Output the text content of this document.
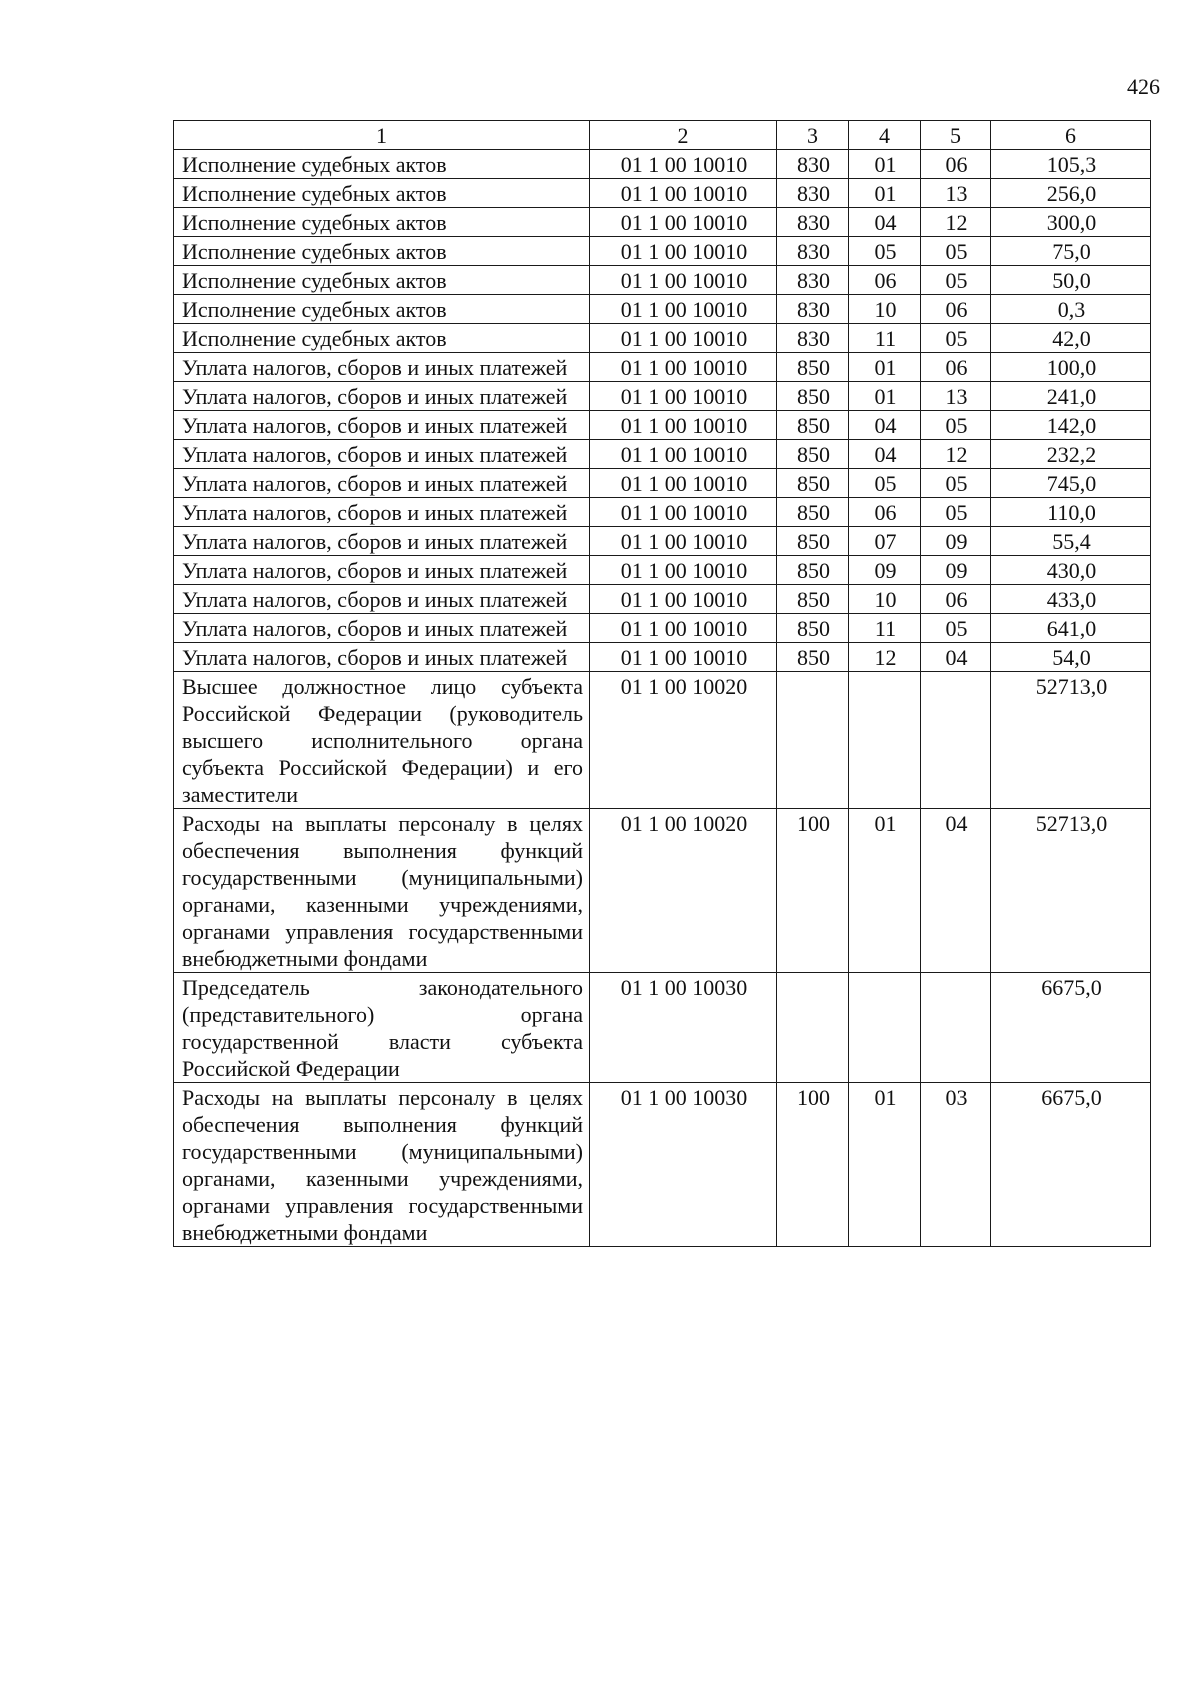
426
1	2	3	4	5	6
Исполнение судебных актов	01 1 00 10010	830	01	06	105,3
Исполнение судебных актов	01 1 00 10010	830	01	13	256,0
Исполнение судебных актов	01 1 00 10010	830	04	12	300,0
Исполнение судебных актов	01 1 00 10010	830	05	05	75,0
Исполнение судебных актов	01 1 00 10010	830	06	05	50,0
Исполнение судебных актов	01 1 00 10010	830	10	06	0,3
Исполнение судебных актов	01 1 00 10010	830	11	05	42,0
Уплата налогов, сборов и иных платежей	01 1 00 10010	850	01	06	100,0
Уплата налогов, сборов и иных платежей	01 1 00 10010	850	01	13	241,0
Уплата налогов, сборов и иных платежей	01 1 00 10010	850	04	05	142,0
Уплата налогов, сборов и иных платежей	01 1 00 10010	850	04	12	232,2
Уплата налогов, сборов и иных платежей	01 1 00 10010	850	05	05	745,0
Уплата налогов, сборов и иных платежей	01 1 00 10010	850	06	05	110,0
Уплата налогов, сборов и иных платежей	01 1 00 10010	850	07	09	55,4
Уплата налогов, сборов и иных платежей	01 1 00 10010	850	09	09	430,0
Уплата налогов, сборов и иных платежей	01 1 00 10010	850	10	06	433,0
Уплата налогов, сборов и иных платежей	01 1 00 10010	850	11	05	641,0
Уплата налогов, сборов и иных платежей	01 1 00 10010	850	12	04	54,0
Высшее должностное лицо субъекта Российской Федерации (руководитель высшего исполнительного органа субъекта Российской Федерации) и его заместители	01 1 00 10020				52713,0
Расходы на выплаты персоналу в целях обеспечения выполнения функций государственными (муниципальными) органами, казенными учреждениями, органами управления государственными внебюджетными фондами	01 1 00 10020	100	01	04	52713,0
Председатель законодательного (представительного) органа государственной власти субъекта Российской Федерации	01 1 00 10030				6675,0
Расходы на выплаты персоналу в целях обеспечения выполнения функций государственными (муниципальными) органами, казенными учреждениями, органами управления государственными внебюджетными фондами	01 1 00 10030	100	01	03	6675,0
